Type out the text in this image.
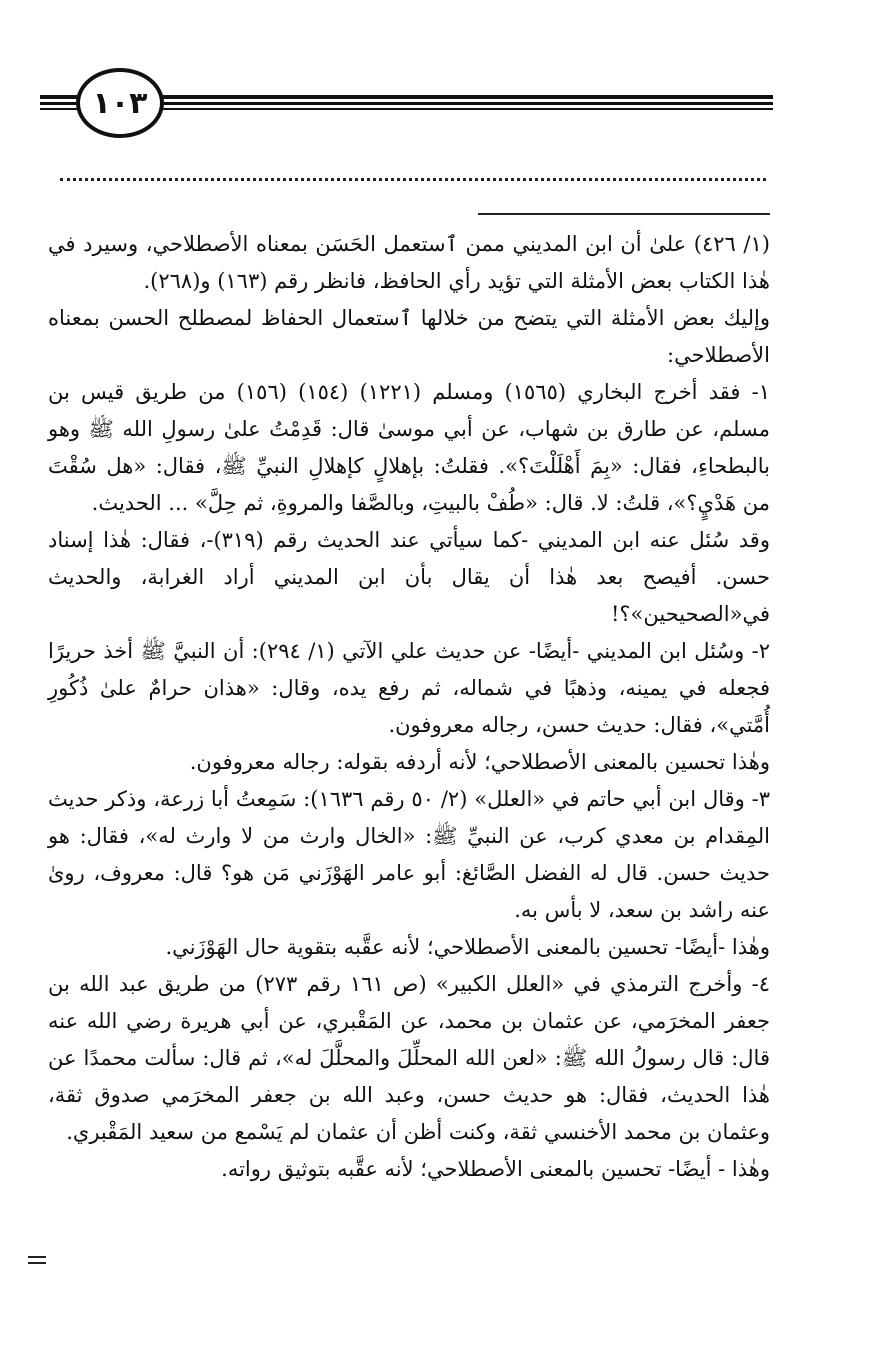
١٠٣

(١/ ٤٢٦) علىٰ أن ابن المديني ممن ٱستعمل الحَسَن بمعناه الأصطلاحي، وسيرد في هٰذا الكتاب بعض الأمثلة التي تؤيد رأي الحافظ، فانظر رقم (١٦٣) و(٢٦٨).

وإليك بعض الأمثلة التي يتضح من خلالها ٱستعمال الحفاظ لمصطلح الحسن بمعناه الأصطلاحي:

١- فقد أخرج البخاري (١٥٦٥) ومسلم (١٢٢١) (١٥٤) (١٥٦) من طريق قيس بن مسلم، عن طارق بن شهاب، عن أبي موسىٰ قال: قَدِمْتُ علىٰ رسولِ الله ﷺ وهو بالبطحاءِ، فقال: «بِمَ أَهْلَلْتَ؟». فقلتُ: بإهلالٍ كإهلالِ النبيِّ ﷺ، فقال: «هل سُقْتَ من هَدْيٍ؟»، قلتُ: لا. قال: «طُفْ بالبيتِ، وبالصَّفا والمروةِ، ثم حِلَّ» ... الحديث.

وقد سُئل عنه ابن المديني -كما سيأتي عند الحديث رقم (٣١٩)-، فقال: هٰذا إسناد حسن. أفيصح بعد هٰذا أن يقال بأن ابن المديني أراد الغرابة، والحديث في«الصحيحين»؟!

٢- وسُئل ابن المديني -أيضًا- عن حديث علي الآتي (١/ ٢٩٤): أن النبيَّ ﷺ أخذ حريرًا فجعله في يمينه، وذهبًا في شماله، ثم رفع يده، وقال: «هذان حرامٌ علىٰ ذُكُورِ أُمَّتي»، فقال: حديث حسن، رجاله معروفون.

وهٰذا تحسين بالمعنى الأصطلاحي؛ لأنه أردفه بقوله: رجاله معروفون.

٣- وقال ابن أبي حاتم في «العلل» (٢/ ٥٠ رقم ١٦٣٦): سَمِعتُ أبا زرعة، وذكر حديث المِقدام بن معدي كرب، عن النبيِّ ﷺ: «الخال وارث من لا وارث له»، فقال: هو حديث حسن. قال له الفضل الصَّائغ: أبو عامر الهَوْزَني مَن هو؟ قال: معروف، روىٰ عنه راشد بن سعد، لا بأس به.

وهٰذا -أيضًا- تحسين بالمعنى الأصطلاحي؛ لأنه عقَّبه بتقوية حال الهَوْزَني.

٤- وأخرج الترمذي في «العلل الكبير» (ص ١٦١ رقم ٢٧٣) من طريق عبد الله بن جعفر المخرَمي، عن عثمان بن محمد، عن المَقْبري، عن أبي هريرة رضي الله عنه قال: قال رسولُ الله ﷺ: «لعن الله المحلِّلَ والمحلَّلَ له»، ثم قال: سألت محمدًا عن هٰذا الحديث، فقال: هو حديث حسن، وعبد الله بن جعفر المخرَمي صدوق ثقة، وعثمان بن محمد الأخنسي ثقة، وكنت أظن أن عثمان لم يَسْمع من سعيد المَقْبري.

وهٰذا - أيضًا- تحسين بالمعنى الأصطلاحي؛ لأنه عقَّبه بتوثيق رواته.
